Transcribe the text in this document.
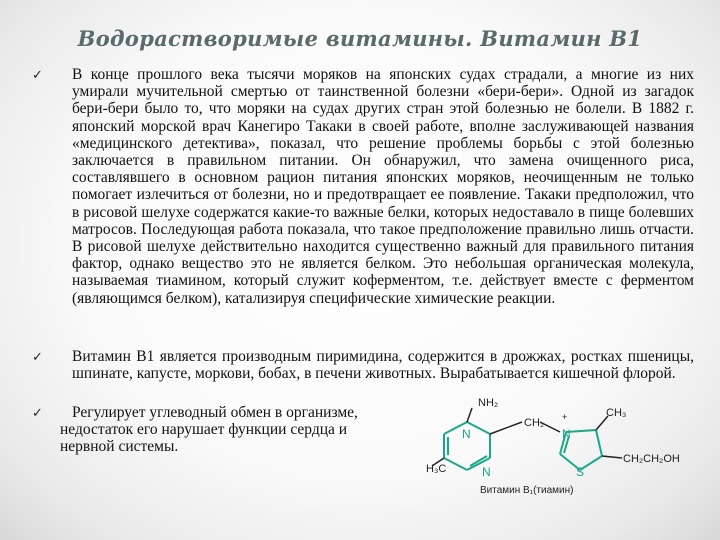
Водорастворимые витамины. Витамин В1
✓ В конце прошлого века тысячи моряков на японских судах страдали, а многие из них умирали мучительной смертью от таинственной болезни «бери-бери». Одной из загадок бери-бери было то, что моряки на судах других стран этой болезнью не болели. В 1882 г. японский морской врач Канегиро Такаки в своей работе, вполне заслуживающей названия «медицинского детектива», показал, что решение проблемы борьбы с этой болезнью заключается в правильном питании. Он обнаружил, что замена очищенного риса, составлявшего в основном рацион питания японских моряков, неочищенным не только помогает излечиться от болезни, но и предотвращает ее появление. Такаки предположил, что в рисовой шелухе содержатся какие-то важные белки, которых недоставало в пище болевших матросов. Последующая работа показала, что такое предположение правильно лишь отчасти. В рисовой шелухе действительно находится существенно важный для правильного питания фактор, однако вещество это не является белком. Это небольшая органическая молекула, называемая тиамином, который служит коферментом, т.е. действует вместе с ферментом (являющимся белком), катализируя специфические химические реакции.
✓ Витамин В1 является производным пиримидина, содержится в дрожжах, ростках пшеницы, шпинате, капусте, моркови, бобах, в печени животных. Вырабатывается кишечной флорой.
✓	Регулирует углеводный обмен в организме,
недостаток его нарушает функции сердца и
нервной системы.
NH₂
CH₂ +	CH₃
N
N
N
H₃C	S
CH₂CH₂OH
Витамин В₁(тиамин)
